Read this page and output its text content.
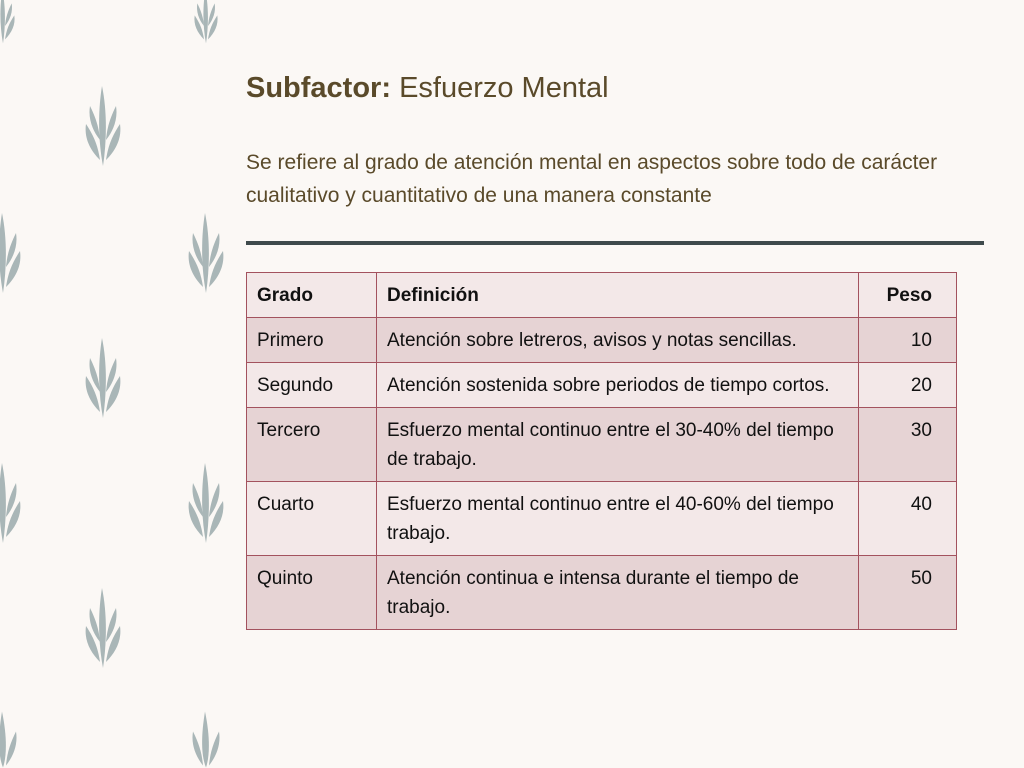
Subfactor: Esfuerzo Mental

Se refiere al grado de atención mental en aspectos sobre todo de carácter cualitativo y cuantitativo de una manera constante

Grado	Definición	Peso
Primero	Atención sobre letreros, avisos y notas sencillas.	10
Segundo	Atención sostenida sobre periodos de tiempo cortos.	20
Tercero	Esfuerzo mental continuo entre el 30-40% del tiempo de trabajo.	30
Cuarto	Esfuerzo mental continuo entre el 40-60% del tiempo trabajo.	40
Quinto	Atención continua e intensa durante el tiempo de trabajo.	50
